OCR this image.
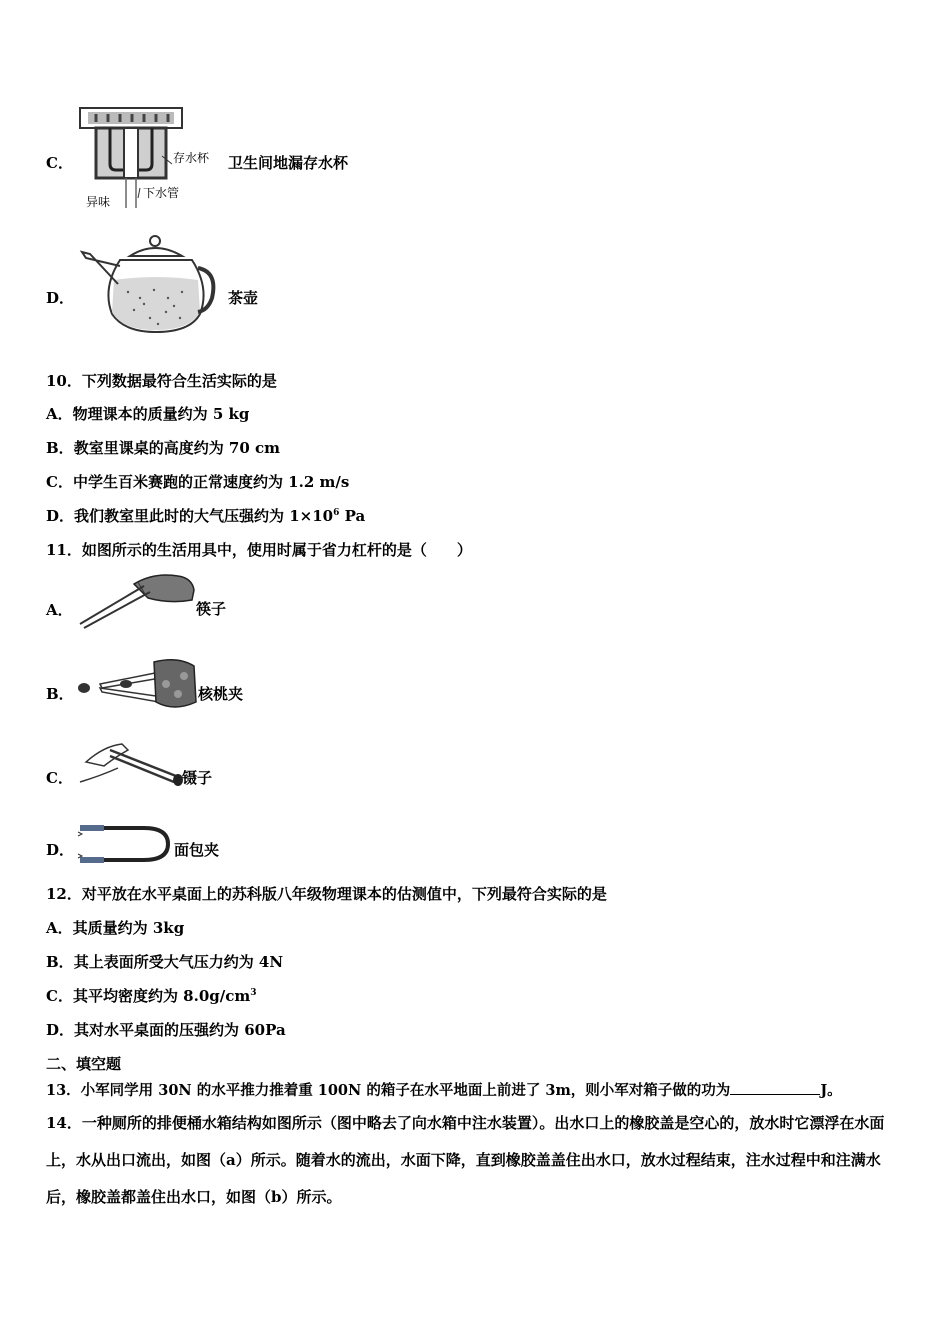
C．	存水杯
异味
下水管
卫生间地漏存水杯
D．	茶壶
10．下列数据最符合生活实际的是
A．物理课本的质量约为 5 kg
B．教室里课桌的高度约为 70 cm
C．中学生百米赛跑的正常速度约为 1.2 m/s
D．我们教室里此时的大气压强约为 $1\times 10^6$ Pa
11．如图所示的生活用具中，使用时属于省力杠杆的是（　　）
A．	筷子
B．	核桃夹
C．	镊子
D．	面包夹
12．对平放在水平桌面上的苏科版八年级物理课本的估测值中，下列最符合实际的是
A．其质量约为 3kg
B．其上表面所受大气压力约为 4N
C．其平均密度约为 $8.0g/cm^3$
D．其对水平桌面的压强约为 60Pa
二、填空题
13．小军同学用 30N 的水平推力推着重 100N 的箱子在水平地面上前进了 3m，则小军对箱子做的功为	J。
14．一种厕所的排便桶水箱结构如图所示（图中略去了向水箱中注水装置）。出水口上的橡胶盖是空心的，放水时它漂浮在水面上，水从出口流出，如图（a）所示。随着水的流出，水面下降，直到橡胶盖盖住出水口，放水过程结束，注水过程中和注满水后，橡胶盖都盖住出水口，如图（b）所示。
